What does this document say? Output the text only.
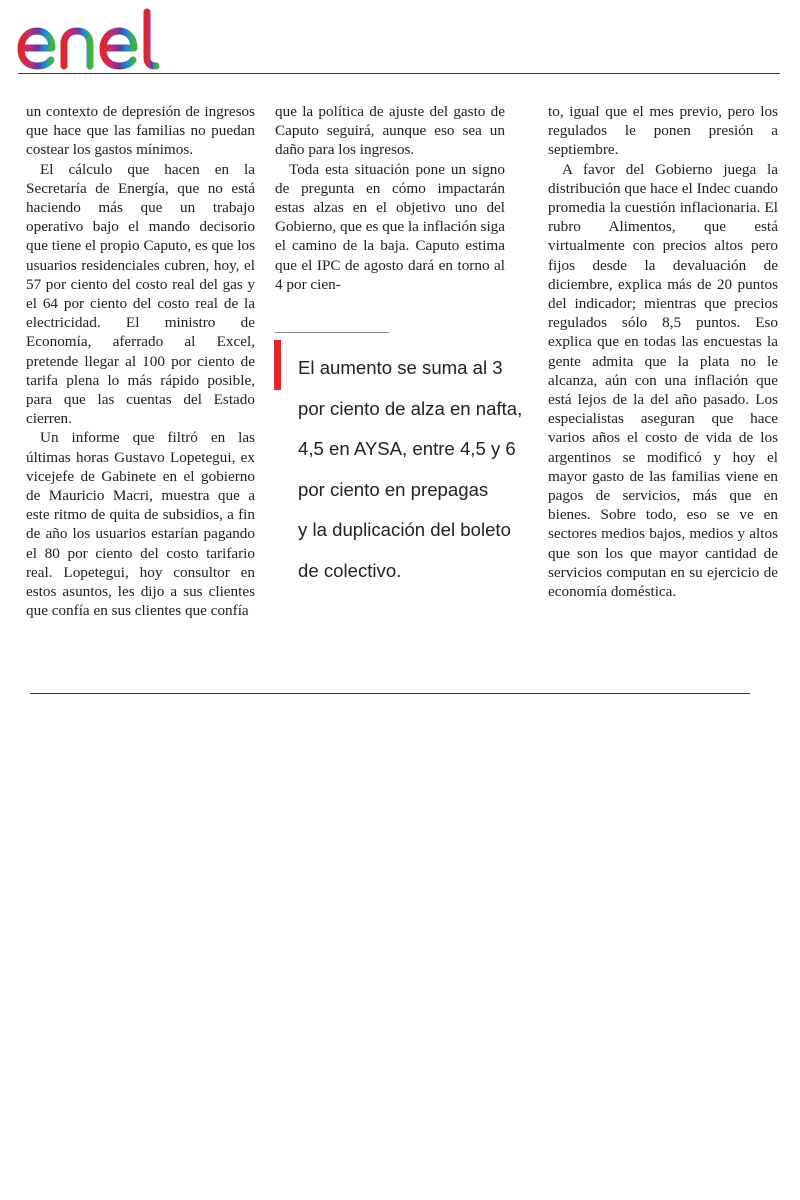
un contexto de depresión de ingresos que hace que las familias no puedan costear los gastos mínimos.

El cálculo que hacen en la Secretaría de Energía, que no está haciendo más que un trabajo operativo bajo el mando decisorio que tiene el propio Caputo, es que los usuarios residenciales cubren, hoy, el 57 por ciento del costo real del gas y el 64 por ciento del costo real de la electricidad. El ministro de Economía, aferrado al Excel, pretende llegar al 100 por ciento de tarifa plena lo más rápido posible, para que las cuentas del Estado cierren.

Un informe que filtró en las últimas horas Gustavo Lopetegui, ex vicejefe de Gabinete en el gobierno de Mauricio Macri, muestra que a este ritmo de quita de subsidios, a fin de año los usuarios estarían pagando el 80 por ciento del costo tarifario real. Lopetegui, hoy consultor en estos asuntos, les dijo a sus clientes que confía en sus clientes que confía

que la política de ajuste del gasto de Caputo seguirá, aunque eso sea un daño para los ingresos.

Toda esta situación pone un signo de pregunta en cómo impactarán estas alzas en el objetivo uno del Gobierno, que es que la inflación siga el camino de la baja. Caputo estima que el IPC de agosto dará en torno al 4 por cien-

El aumento se suma al 3
por ciento de alza en nafta,
4,5 en AYSA, entre 4,5 y 6
por ciento en prepagas
y la duplicación del boleto
de colectivo.

to, igual que el mes previo, pero los regulados le ponen presión a septiembre.

A favor del Gobierno juega la distribución que hace el Indec cuando promedia la cuestión inflacionaria. El rubro Alimentos, que está virtualmente con precios altos pero fijos desde la devaluación de diciembre, explica más de 20 puntos del indicador; mientras que precios regulados sólo 8,5 puntos. Eso explica que en todas las encuestas la gente admita que la plata no le alcanza, aún con una inflación que está lejos de la del año pasado. Los especialistas aseguran que hace varios años el costo de vida de los argentinos se modificó y hoy el mayor gasto de las familias viene en pagos de servicios, más que en bienes. Sobre todo, eso se ve en sectores medios bajos, medios y altos que son los que mayor cantidad de servicios computan en su ejercicio de economía doméstica.
